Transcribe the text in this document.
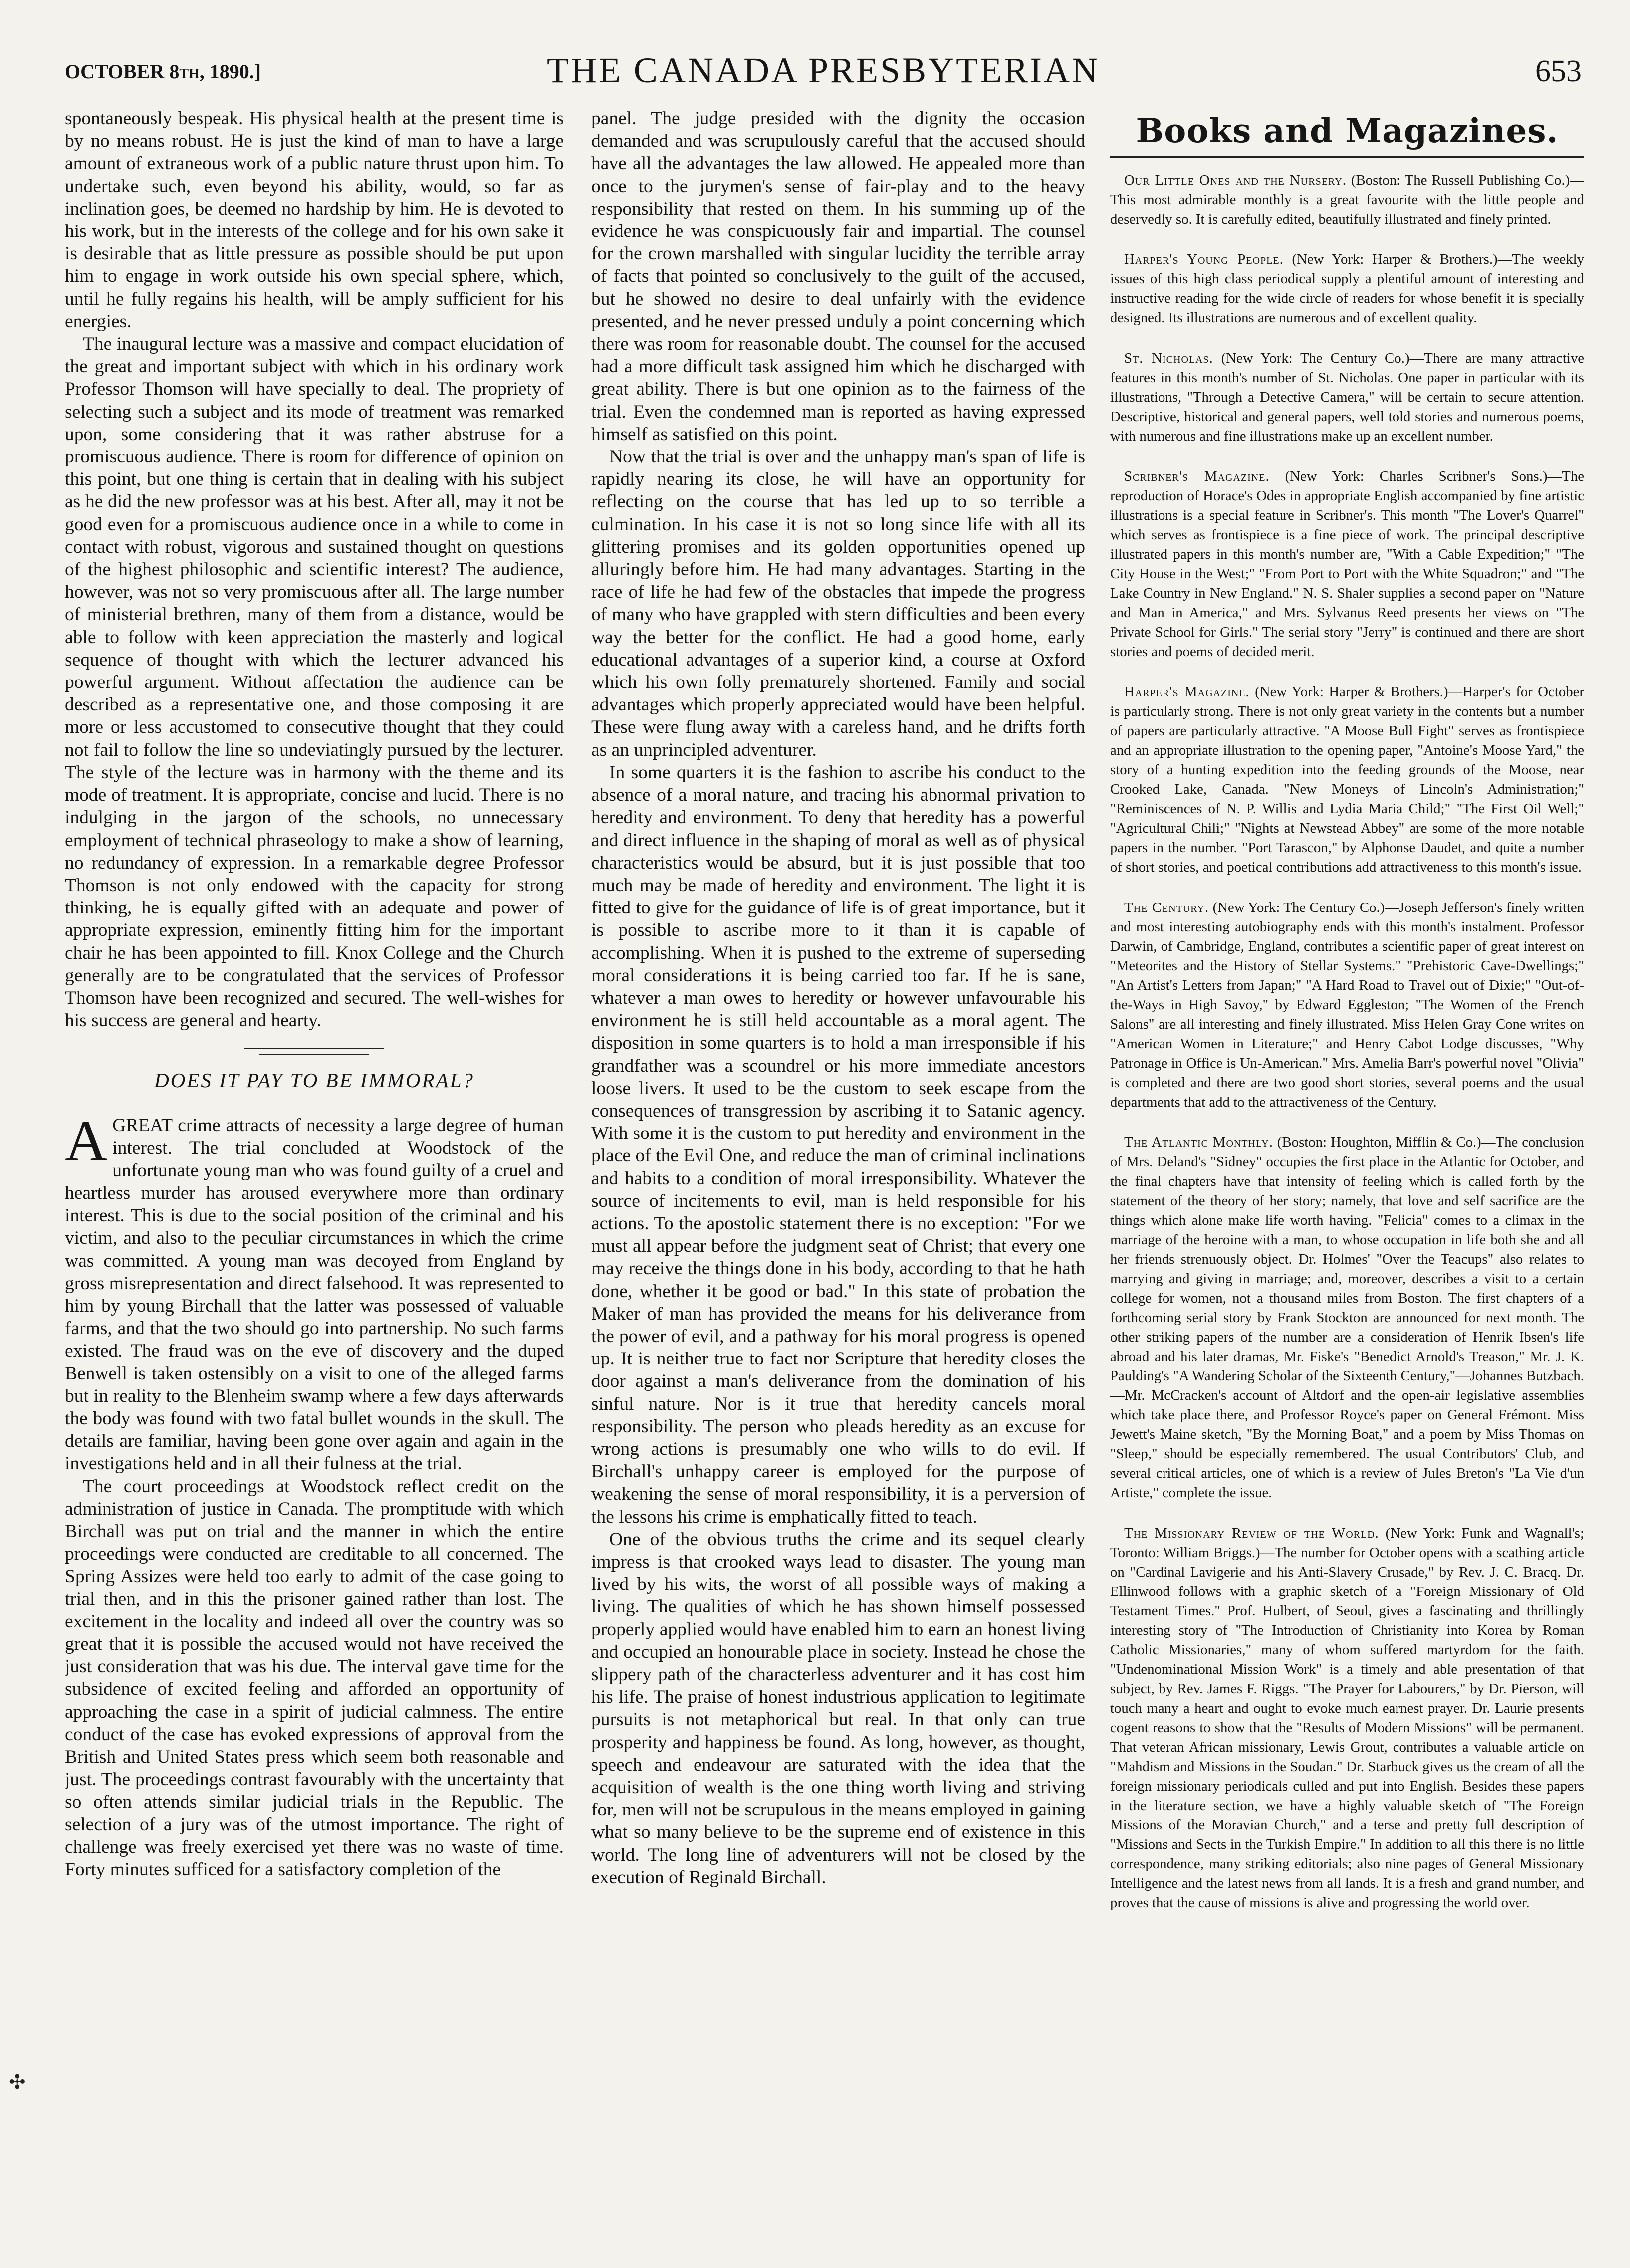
OCTOBER 8th, 1890.]	THE CANADA PRESBYTERIAN	653

spontaneously bespeak. His physical health at the present time is by no means robust. He is just the kind of man to have a large amount of extraneous work of a public nature thrust upon him. To undertake such, even beyond his ability, would, so far as inclination goes, be deemed no hardship by him. He is devoted to his work, but in the interests of the college and for his own sake it is desirable that as little pressure as possible should be put upon him to engage in work outside his own special sphere, which, until he fully regains his health, will be amply sufficient for his energies.

The inaugural lecture was a massive and compact elucidation of the great and important subject with which in his ordinary work Professor Thomson will have specially to deal. The propriety of selecting such a subject and its mode of treatment was remarked upon, some considering that it was rather abstruse for a promiscuous audience. There is room for difference of opinion on this point, but one thing is certain that in dealing with his subject as he did the new professor was at his best. After all, may it not be good even for a promiscuous audience once in a while to come in contact with robust, vigorous and sustained thought on questions of the highest philosophic and scientific interest? The audience, however, was not so very promiscuous after all. The large number of ministerial brethren, many of them from a distance, would be able to follow with keen appreciation the masterly and logical sequence of thought with which the lecturer advanced his powerful argument. Without affectation the audience can be described as a representative one, and those composing it are more or less accustomed to consecutive thought that they could not fail to follow the line so undeviatingly pursued by the lecturer. The style of the lecture was in harmony with the theme and its mode of treatment. It is appropriate, concise and lucid. There is no indulging in the jargon of the schools, no unnecessary employment of technical phraseology to make a show of learning, no redundancy of expression. In a remarkable degree Professor Thomson is not only endowed with the capacity for strong thinking, he is equally gifted with an adequate and power of appropriate expression, eminently fitting him for the important chair he has been appointed to fill. Knox College and the Church generally are to be congratulated that the services of Professor Thomson have been recognized and secured. The well-wishes for his success are general and hearty.

DOES IT PAY TO BE IMMORAL?

AGREAT crime attracts of necessity a large degree of human interest. The trial concluded at Woodstock of the unfortunate young man who was found guilty of a cruel and heartless murder has aroused everywhere more than ordinary interest. This is due to the social position of the criminal and his victim, and also to the peculiar circumstances in which the crime was committed. A young man was decoyed from England by gross misrepresentation and direct falsehood. It was represented to him by young Birchall that the latter was possessed of valuable farms, and that the two should go into partnership. No such farms existed. The fraud was on the eve of discovery and the duped Benwell is taken ostensibly on a visit to one of the alleged farms but in reality to the Blenheim swamp where a few days afterwards the body was found with two fatal bullet wounds in the skull. The details are familiar, having been gone over again and again in the investigations held and in all their fulness at the trial.

The court proceedings at Woodstock reflect credit on the administration of justice in Canada. The promptitude with which Birchall was put on trial and the manner in which the entire proceedings were conducted are creditable to all concerned. The Spring Assizes were held too early to admit of the case going to trial then, and in this the prisoner gained rather than lost. The excitement in the locality and indeed all over the country was so great that it is possible the accused would not have received the just consideration that was his due. The interval gave time for the subsidence of excited feeling and afforded an opportunity of approaching the case in a spirit of judicial calmness. The entire conduct of the case has evoked expressions of approval from the British and United States press which seem both reasonable and just. The proceedings contrast favourably with the uncertainty that so often attends similar judicial trials in the Republic. The selection of a jury was of the utmost importance. The right of challenge was freely exercised yet there was no waste of time. Forty minutes sufficed for a satisfactory completion of the

panel. The judge presided with the dignity the occasion demanded and was scrupulously careful that the accused should have all the advantages the law allowed. He appealed more than once to the jurymen's sense of fair-play and to the heavy responsibility that rested on them. In his summing up of the evidence he was conspicuously fair and impartial. The counsel for the crown marshalled with singular lucidity the terrible array of facts that pointed so conclusively to the guilt of the accused, but he showed no desire to deal unfairly with the evidence presented, and he never pressed unduly a point concerning which there was room for reasonable doubt. The counsel for the accused had a more difficult task assigned him which he discharged with great ability. There is but one opinion as to the fairness of the trial. Even the condemned man is reported as having expressed himself as satisfied on this point.

Now that the trial is over and the unhappy man's span of life is rapidly nearing its close, he will have an opportunity for reflecting on the course that has led up to so terrible a culmination. In his case it is not so long since life with all its glittering promises and its golden opportunities opened up alluringly before him. He had many advantages. Starting in the race of life he had few of the obstacles that impede the progress of many who have grappled with stern difficulties and been every way the better for the conflict. He had a good home, early educational advantages of a superior kind, a course at Oxford which his own folly prematurely shortened. Family and social advantages which properly appreciated would have been helpful. These were flung away with a careless hand, and he drifts forth as an unprincipled adventurer.

In some quarters it is the fashion to ascribe his conduct to the absence of a moral nature, and tracing his abnormal privation to heredity and environment. To deny that heredity has a powerful and direct influence in the shaping of moral as well as of physical characteristics would be absurd, but it is just possible that too much may be made of heredity and environment. The light it is fitted to give for the guidance of life is of great importance, but it is possible to ascribe more to it than it is capable of accomplishing. When it is pushed to the extreme of superseding moral considerations it is being carried too far. If he is sane, whatever a man owes to heredity or however unfavourable his environment he is still held accountable as a moral agent. The disposition in some quarters is to hold a man irresponsible if his grandfather was a scoundrel or his more immediate ancestors loose livers. It used to be the custom to seek escape from the consequences of transgression by ascribing it to Satanic agency. With some it is the custom to put heredity and environment in the place of the Evil One, and reduce the man of criminal inclinations and habits to a condition of moral irresponsibility. Whatever the source of incitements to evil, man is held responsible for his actions. To the apostolic statement there is no exception: "For we must all appear before the judgment seat of Christ; that every one may receive the things done in his body, according to that he hath done, whether it be good or bad." In this state of probation the Maker of man has provided the means for his deliverance from the power of evil, and a pathway for his moral progress is opened up. It is neither true to fact nor Scripture that heredity closes the door against a man's deliverance from the domination of his sinful nature. Nor is it true that heredity cancels moral responsibility. The person who pleads heredity as an excuse for wrong actions is presumably one who wills to do evil. If Birchall's unhappy career is employed for the purpose of weakening the sense of moral responsibility, it is a perversion of the lessons his crime is emphatically fitted to teach.

One of the obvious truths the crime and its sequel clearly impress is that crooked ways lead to disaster. The young man lived by his wits, the worst of all possible ways of making a living. The qualities of which he has shown himself possessed properly applied would have enabled him to earn an honest living and occupied an honourable place in society. Instead he chose the slippery path of the characterless adventurer and it has cost him his life. The praise of honest industrious application to legitimate pursuits is not metaphorical but real. In that only can true prosperity and happiness be found. As long, however, as thought, speech and endeavour are saturated with the idea that the acquisition of wealth is the one thing worth living and striving for, men will not be scrupulous in the means employed in gaining what so many believe to be the supreme end of existence in this world. The long line of adventurers will not be closed by the execution of Reginald Birchall.

Books and Magazines.

Our Little Ones and the Nursery. (Boston: The Russell Publishing Co.)—This most admirable monthly is a great favourite with the little people and deservedly so. It is carefully edited, beautifully illustrated and finely printed.

Harper's Young People. (New York: Harper & Brothers.)—The weekly issues of this high class periodical supply a plentiful amount of interesting and instructive reading for the wide circle of readers for whose benefit it is specially designed. Its illustrations are numerous and of excellent quality.

St. Nicholas. (New York: The Century Co.)—There are many attractive features in this month's number of St. Nicholas. One paper in particular with its illustrations, "Through a Detective Camera," will be certain to secure attention. Descriptive, historical and general papers, well told stories and numerous poems, with numerous and fine illustrations make up an excellent number.

Scribner's Magazine. (New York: Charles Scribner's Sons.)—The reproduction of Horace's Odes in appropriate English accompanied by fine artistic illustrations is a special feature in Scribner's. This month "The Lover's Quarrel" which serves as frontispiece is a fine piece of work. The principal descriptive illustrated papers in this month's number are, "With a Cable Expedition;" "The City House in the West;" "From Port to Port with the White Squadron;" and "The Lake Country in New England." N. S. Shaler supplies a second paper on "Nature and Man in America," and Mrs. Sylvanus Reed presents her views on "The Private School for Girls." The serial story "Jerry" is continued and there are short stories and poems of decided merit.

Harper's Magazine. (New York: Harper & Brothers.)—Harper's for October is particularly strong. There is not only great variety in the contents but a number of papers are particularly attractive. "A Moose Bull Fight" serves as frontispiece and an appropriate illustration to the opening paper, "Antoine's Moose Yard," the story of a hunting expedition into the feeding grounds of the Moose, near Crooked Lake, Canada. "New Moneys of Lincoln's Administration;" "Reminiscences of N. P. Willis and Lydia Maria Child;" "The First Oil Well;" "Agricultural Chili;" "Nights at Newstead Abbey" are some of the more notable papers in the number. "Port Tarascon," by Alphonse Daudet, and quite a number of short stories, and poetical contributions add attractiveness to this month's issue.

The Century. (New York: The Century Co.)—Joseph Jefferson's finely written and most interesting autobiography ends with this month's instalment. Professor Darwin, of Cambridge, England, contributes a scientific paper of great interest on "Meteorites and the History of Stellar Systems." "Prehistoric Cave-Dwellings;" "An Artist's Letters from Japan;" "A Hard Road to Travel out of Dixie;" "Out-of-the-Ways in High Savoy," by Edward Eggleston; "The Women of the French Salons" are all interesting and finely illustrated. Miss Helen Gray Cone writes on "American Women in Literature;" and Henry Cabot Lodge discusses, "Why Patronage in Office is Un-American." Mrs. Amelia Barr's powerful novel "Olivia" is completed and there are two good short stories, several poems and the usual departments that add to the attractiveness of the Century.

The Atlantic Monthly. (Boston: Houghton, Mifflin & Co.)—The conclusion of Mrs. Deland's "Sidney" occupies the first place in the Atlantic for October, and the final chapters have that intensity of feeling which is called forth by the statement of the theory of her story; namely, that love and self sacrifice are the things which alone make life worth having. "Felicia" comes to a climax in the marriage of the heroine with a man, to whose occupation in life both she and all her friends strenuously object. Dr. Holmes' "Over the Teacups" also relates to marrying and giving in marriage; and, moreover, describes a visit to a certain college for women, not a thousand miles from Boston. The first chapters of a forthcoming serial story by Frank Stockton are announced for next month. The other striking papers of the number are a consideration of Henrik Ibsen's life abroad and his later dramas, Mr. Fiske's "Benedict Arnold's Treason," Mr. J. K. Paulding's "A Wandering Scholar of the Sixteenth Century,"—Johannes Butzbach.—Mr. McCracken's account of Altdorf and the open-air legislative assemblies which take place there, and Professor Royce's paper on General Frémont. Miss Jewett's Maine sketch, "By the Morning Boat," and a poem by Miss Thomas on "Sleep," should be especially remembered. The usual Contributors' Club, and several critical articles, one of which is a review of Jules Breton's "La Vie d'un Artiste," complete the issue.

The Missionary Review of the World. (New York: Funk and Wagnall's; Toronto: William Briggs.)—The number for October opens with a scathing article on "Cardinal Lavigerie and his Anti-Slavery Crusade," by Rev. J. C. Bracq. Dr. Ellinwood follows with a graphic sketch of a "Foreign Missionary of Old Testament Times." Prof. Hulbert, of Seoul, gives a fascinating and thrillingly interesting story of "The Introduction of Christianity into Korea by Roman Catholic Missionaries," many of whom suffered martyrdom for the faith. "Undenominational Mission Work" is a timely and able presentation of that subject, by Rev. James F. Riggs. "The Prayer for Labourers," by Dr. Pierson, will touch many a heart and ought to evoke much earnest prayer. Dr. Laurie presents cogent reasons to show that the "Results of Modern Missions" will be permanent. That veteran African missionary, Lewis Grout, contributes a valuable article on "Mahdism and Missions in the Soudan." Dr. Starbuck gives us the cream of all the foreign missionary periodicals culled and put into English. Besides these papers in the literature section, we have a highly valuable sketch of "The Foreign Missions of the Moravian Church," and a terse and pretty full description of "Missions and Sects in the Turkish Empire." In addition to all this there is no little correspondence, many striking editorials; also nine pages of General Missionary Intelligence and the latest news from all lands. It is a fresh and grand number, and proves that the cause of missions is alive and progressing the world over.

✣
